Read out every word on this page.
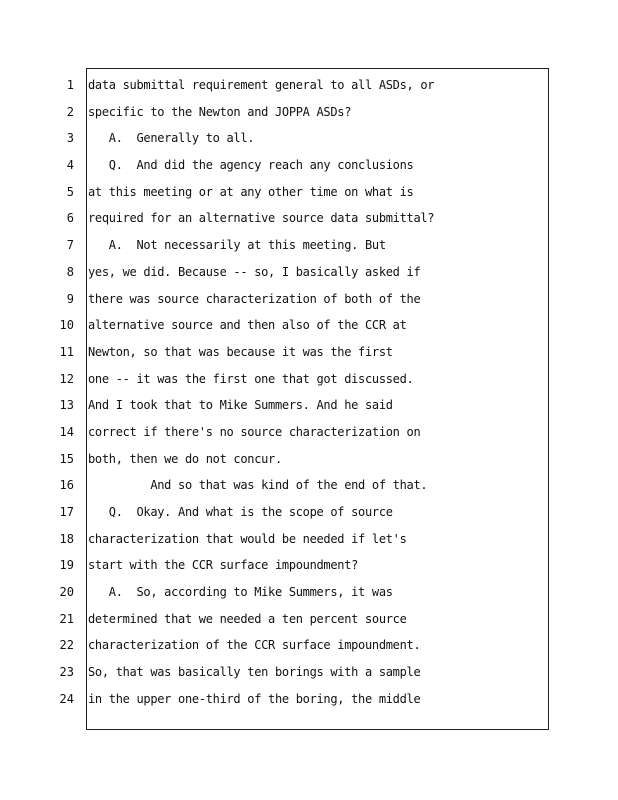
1
2
3
4
5
6
7
8
9
10
11
12
13
14
15
16
17
18
19
20
21
22
23
24
data submittal requirement general to all ASDs, or
specific to the Newton and JOPPA ASDs?
A.  Generally to all.
Q.  And did the agency reach any conclusions
at this meeting or at any other time on what is
required for an alternative source data submittal?
A.  Not necessarily at this meeting. But
yes, we did. Because -- so, I basically asked if
there was source characterization of both of the
alternative source and then also of the CCR at
Newton, so that was because it was the first
one -- it was the first one that got discussed.
And I took that to Mike Summers. And he said
correct if there's no source characterization on
both, then we do not concur.
And so that was kind of the end of that.
Q.  Okay. And what is the scope of source
characterization that would be needed if let's
start with the CCR surface impoundment?
A.  So, according to Mike Summers, it was
determined that we needed a ten percent source
characterization of the CCR surface impoundment.
So, that was basically ten borings with a sample
in the upper one-third of the boring, the middle
